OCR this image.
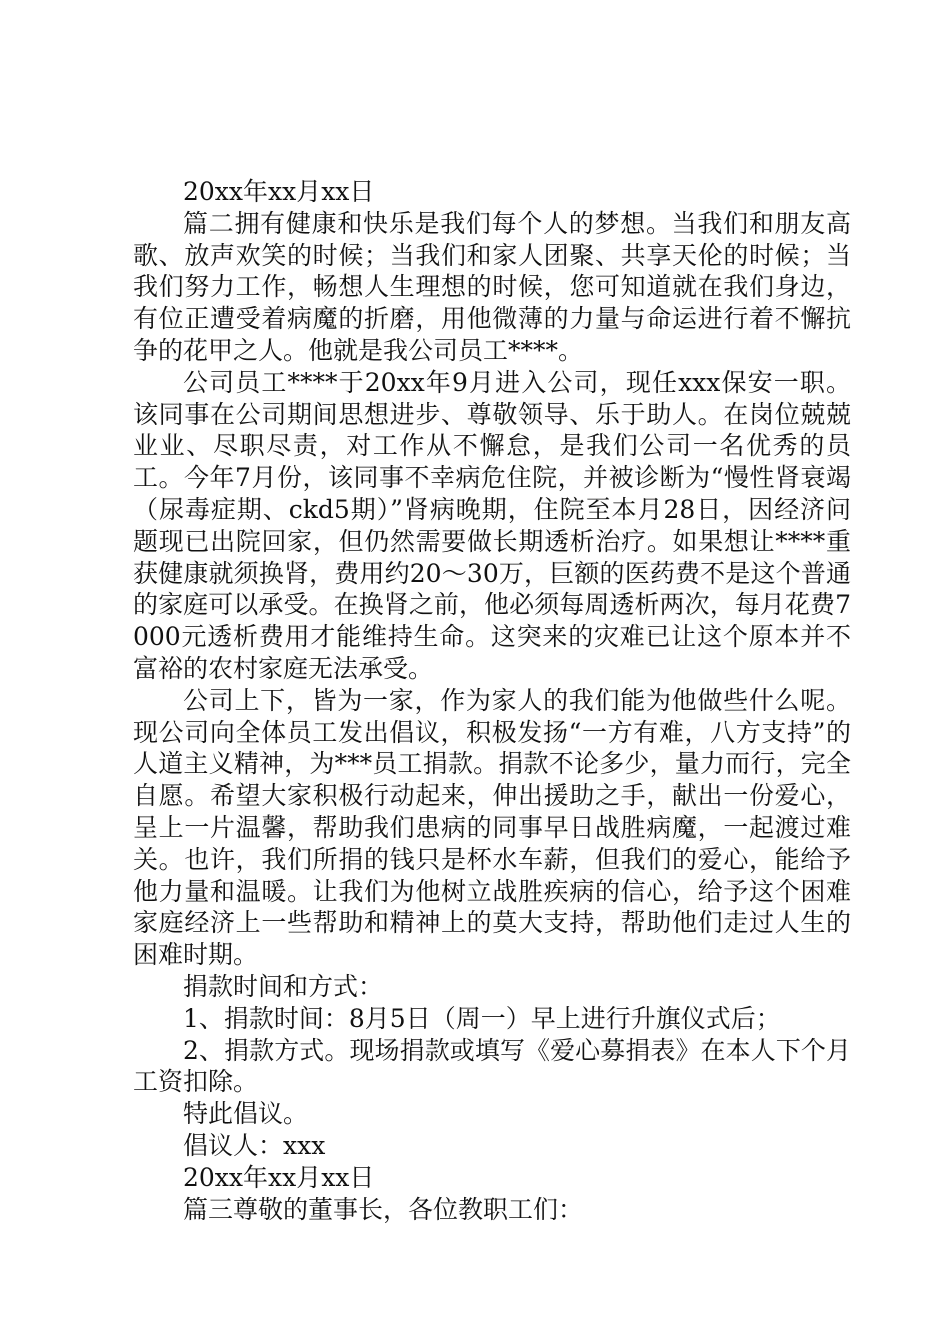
20xx年xx月xx日

篇二拥有健康和快乐是我们每个人的梦想。当我们和朋友高歌、放声欢笑的时候；当我们和家人团聚、共享天伦的时候；当我们努力工作，畅想人生理想的时候，您可知道就在我们身边，有位正遭受着病魔的折磨，用他微薄的力量与命运进行着不懈抗争的花甲之人。他就是我公司员工****。

公司员工****于20xx年9月进入公司，现任xxx保安一职。该同事在公司期间思想进步、尊敬领导、乐于助人。在岗位兢兢业业、尽职尽责，对工作从不懈怠，是我们公司一名优秀的员工。今年7月份，该同事不幸病危住院，并被诊断为“慢性肾衰竭（尿毒症期、ckd5期）”肾病晚期，住院至本月28日，因经济问题现已出院回家，但仍然需要做长期透析治疗。如果想让****重获健康就须换肾，费用约20～30万，巨额的医药费不是这个普通的家庭可以承受。在换肾之前，他必须每周透析两次，每月花费7000元透析费用才能维持生命。这突来的灾难已让这个原本并不富裕的农村家庭无法承受。

公司上下，皆为一家，作为家人的我们能为他做些什么呢。现公司向全体员工发出倡议，积极发扬“一方有难，八方支持”的人道主义精神，为***员工捐款。捐款不论多少，量力而行，完全自愿。希望大家积极行动起来，伸出援助之手，献出一份爱心，呈上一片温馨，帮助我们患病的同事早日战胜病魔，一起渡过难关。也许，我们所捐的钱只是杯水车薪，但我们的爱心，能给予他力量和温暖。让我们为他树立战胜疾病的信心，给予这个困难家庭经济上一些帮助和精神上的莫大支持，帮助他们走过人生的困难时期。

捐款时间和方式：

1、捐款时间：8月5日（周一）早上进行升旗仪式后；

2、捐款方式。现场捐款或填写《爱心募捐表》在本人下个月工资扣除。

特此倡议。

倡议人：xxx

20xx年xx月xx日

篇三尊敬的董事长，各位教职工们：
